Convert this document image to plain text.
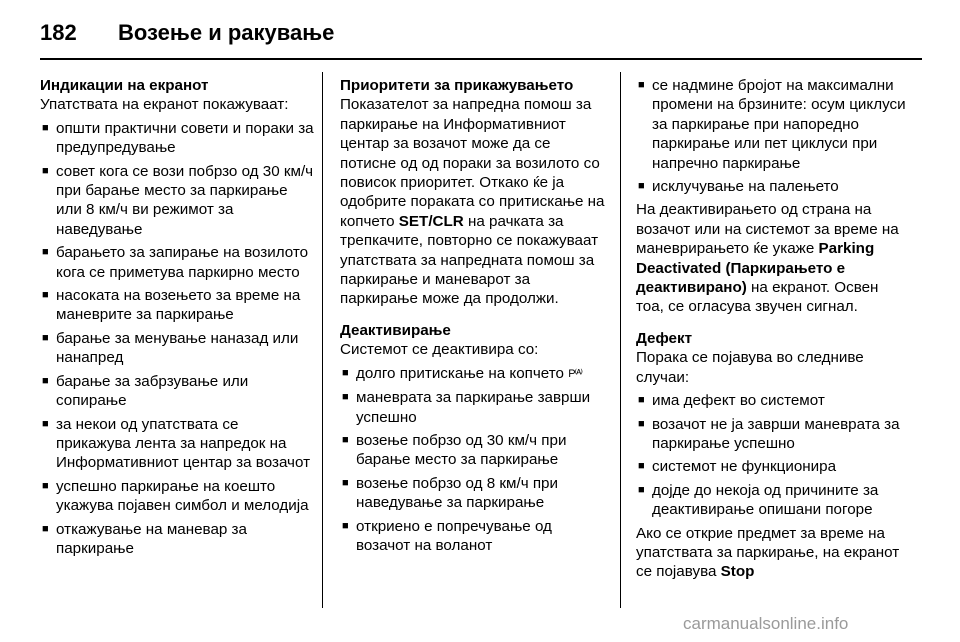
182 Возење и ракување
Индикации на екранот

Упатствата на екранот покажуваат:

■ општи практични совети и пораки за предупредување
■ совет кога се вози побрзо од 30 км/ч при барање место за паркирање или 8 км/ч ви режимот за наведување
■ барањето за запирање на возилото кога се приметува паркирно место
■ насоката на возењето за време на маневрите за паркирање
■ барање за менување наназад или нанапред
■ барање за забрзување или сопирање
■ за некои од упатствата се прикажува лента за напредок на Информативниот центар за возачот
■ успешно паркирање на коешто укажува појавен симбол и мелодија
■ откажување на маневар за паркирање
Приоритети за прикажувањето

Показателот за напредна помош за паркирање на Информативниот центар за возачот може да се потисне од од пораки за возилото со повисок приоритет. Откако ќе ја одобрите пораката со притискање на копчето SET/CLR на рачката за трепкачите, повторно се покажуваат упатствата за напредната помош за паркирање и маневарот за паркирање може да продолжи.

Деактивирање

Системот се деактивира со:

■ долго притискање на копчето P⁽ᴬ⁾
■ маневрата за паркирање заврши успешно
■ возење побрзо од 30 км/ч при барање место за паркирање
■ возење побрзо од 8 км/ч при наведување за паркирање
■ откриено е попречување од возачот на воланот
■ се надмине бројот на максимални промени на брзините: осум циклуси за паркирање при напоредно паркирање или пет циклуси при напречно паркирање
■ исклучување на палењето

На деактивирањето од страна на возачот или на системот за време на маневрирањето ќе укаже Parking Deactivated (Паркирањето е деактивирано) на екранот. Освен тоа, се огласува звучен сигнал.

Дефект

Порака се појавува во следниве случаи:

■ има дефект во системот
■ возачот не ја заврши маневрата за паркирање успешно
■ системот не функционира
■ дојде до некоја од причините за деактивирање опишани погоре

Ако се открие предмет за време на упатствата за паркирање, на екранот се појавува Stop

carmanualsonline.info
